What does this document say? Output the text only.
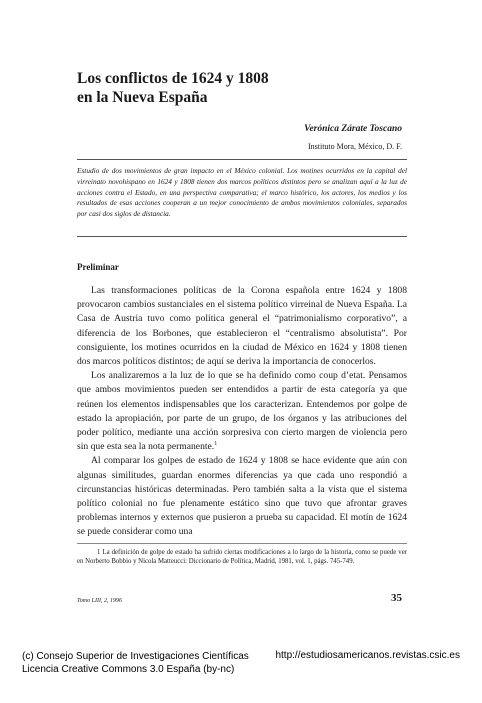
Los conflictos de 1624 y 1808
en la Nueva España
Verónica Zárate Toscano
Instituto Mora, México, D. F.
Estudio de dos movimientos de gran impacto en el México colonial. Los motines ocurridos en la capital del virreinato novohispano en 1624 y 1808 tienen dos marcos políticos distintos pero se analizan aquí a la luz de acciones contra el Estado, en una perspectiva comparativa; el marco histórico, los actores, los medios y los resultados de esas acciones cooperan a un mejor conocimiento de ambos movimientos coloniales, separados por casi dos siglos de distancia.
Preliminar

Las transformaciones políticas de la Corona española entre 1624 y 1808 provocaron cambios sustanciales en el sistema político virreinal de Nueva España. La Casa de Austria tuvo como política general el “patrimonialismo corporativo”, a diferencia de los Borbones, que establecieron el “centralismo absolutista”. Por consiguiente, los motines ocurridos en la ciudad de México en 1624 y 1808 tienen dos marcos políticos distintos; de aquí se deriva la importancia de conocerlos.

Los analizaremos a la luz de lo que se ha definido como coup d’etat. Pensamos que ambos movimientos pueden ser entendidos a partir de esta categoría ya que reúnen los elementos indispensables que los caracterizan. Entendemos por golpe de estado la apropiación, por parte de un grupo, de los órganos y las atribuciones del poder político, mediante una acción sorpresiva con cierto margen de violencia pero sin que esta sea la nota permanente.$^1$

Al comparar los golpes de estado de 1624 y 1808 se hace evidente que aún con algunas similitudes, guardan enormes diferencias ya que cada uno respondió a circunstancias históricas determinadas. Pero también salta a la vista que el sistema político colonial no fue plenamente estático sino que tuvo que afrontar graves problemas internos y externos que pusieron a prueba su capacidad. El motín de 1624 se puede considerar como una

1 La definición de golpe de estado ha sufrido ciertas modificaciones a lo largo de la historia, como se puede ver en Norberto Bobbio y Nicola Matteucci: Diccionario de Política, Madrid, 1981, vol. 1, págs. 745-749.

Tomo LIII, 2, 1996	35
(c) Consejo Superior de Investigaciones Científicas
Licencia Creative Commons 3.0 España (by-nc)
http://estudiosamericanos.revistas.csic.es
